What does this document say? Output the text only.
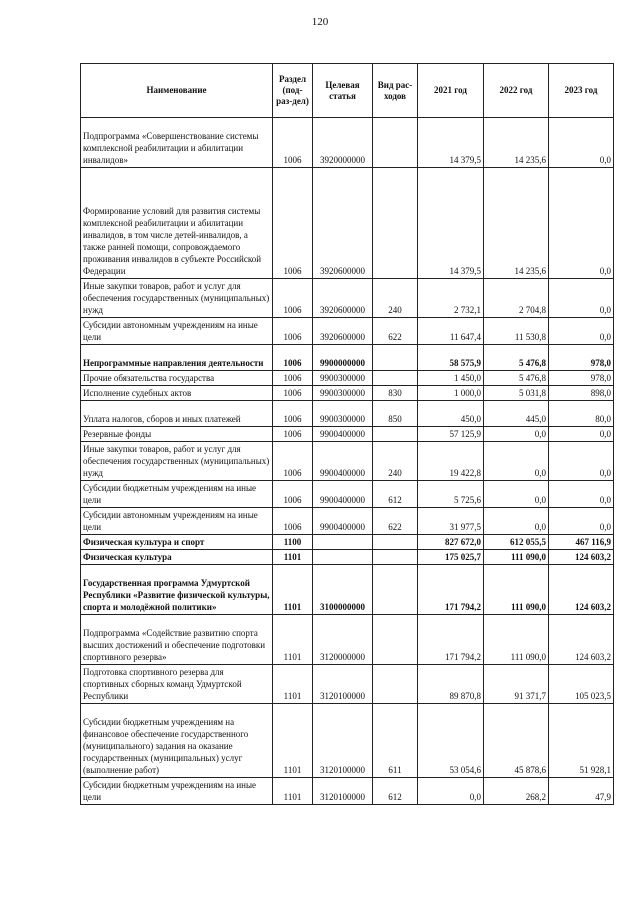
120
Наименование	Раздел (под-раз-дел)	Целевая статья	Вид рас-ходов	2021 год	2022 год	2023 год
Подпрограмма «Совершенствование системы комплексной реабилитации и абилитации инвалидов»	1006	3920000000		14 379,5	14 235,6	0,0
Формирование условий для развития системы комплексной реабилитации и абилитации инвалидов, в том числе детей-инвалидов, а также ранней помощи, сопровождаемого проживания инвалидов в субъекте Российской Федерации	1006	3920600000		14 379,5	14 235,6	0,0
Иные закупки товаров, работ и услуг для обеспечения государственных (муниципальных) нужд	1006	3920600000	240	2 732,1	2 704,8	0,0
Субсидии автономным учреждениям на иные цели	1006	3920600000	622	11 647,4	11 530,8	0,0
Непрограммные направления деятельности	1006	9900000000		58 575,9	5 476,8	978,0
Прочие обязательства государства	1006	9900300000		1 450,0	5 476,8	978,0
Исполнение судебных актов	1006	9900300000	830	1 000,0	5 031,8	898,0
Уплата налогов, сборов и иных платежей	1006	9900300000	850	450,0	445,0	80,0
Резервные фонды	1006	9900400000		57 125,9	0,0	0,0
Иные закупки товаров, работ и услуг для обеспечения государственных (муниципальных) нужд	1006	9900400000	240	19 422,8	0,0	0,0
Субсидии бюджетным учреждениям на иные цели	1006	9900400000	612	5 725,6	0,0	0,0
Субсидии автономным учреждениям на иные цели	1006	9900400000	622	31 977,5	0,0	0,0
Физическая культура и спорт	1100			827 672,0	612 055,5	467 116,9
Физическая культура	1101			175 025,7	111 090,0	124 603,2
Государственная программа Удмуртской Республики «Развитие физической культуры, спорта и молодёжной политики»	1101	3100000000		171 794,2	111 090,0	124 603,2
Подпрограмма «Содействие развитию спорта высших достижений и обеспечение подготовки спортивного резерва»	1101	3120000000		171 794,2	111 090,0	124 603,2
Подготовка спортивного резерва для спортивных сборных команд Удмуртской Республики	1101	3120100000		89 870,8	91 371,7	105 023,5
Субсидии бюджетным учреждениям на финансовое обеспечение государственного (муниципального) задания на оказание государственных (муниципальных) услуг (выполнение работ)	1101	3120100000	611	53 054,6	45 878,6	51 928,1
Субсидии бюджетным учреждениям на иные цели	1101	3120100000	612	0,0	268,2	47,9
